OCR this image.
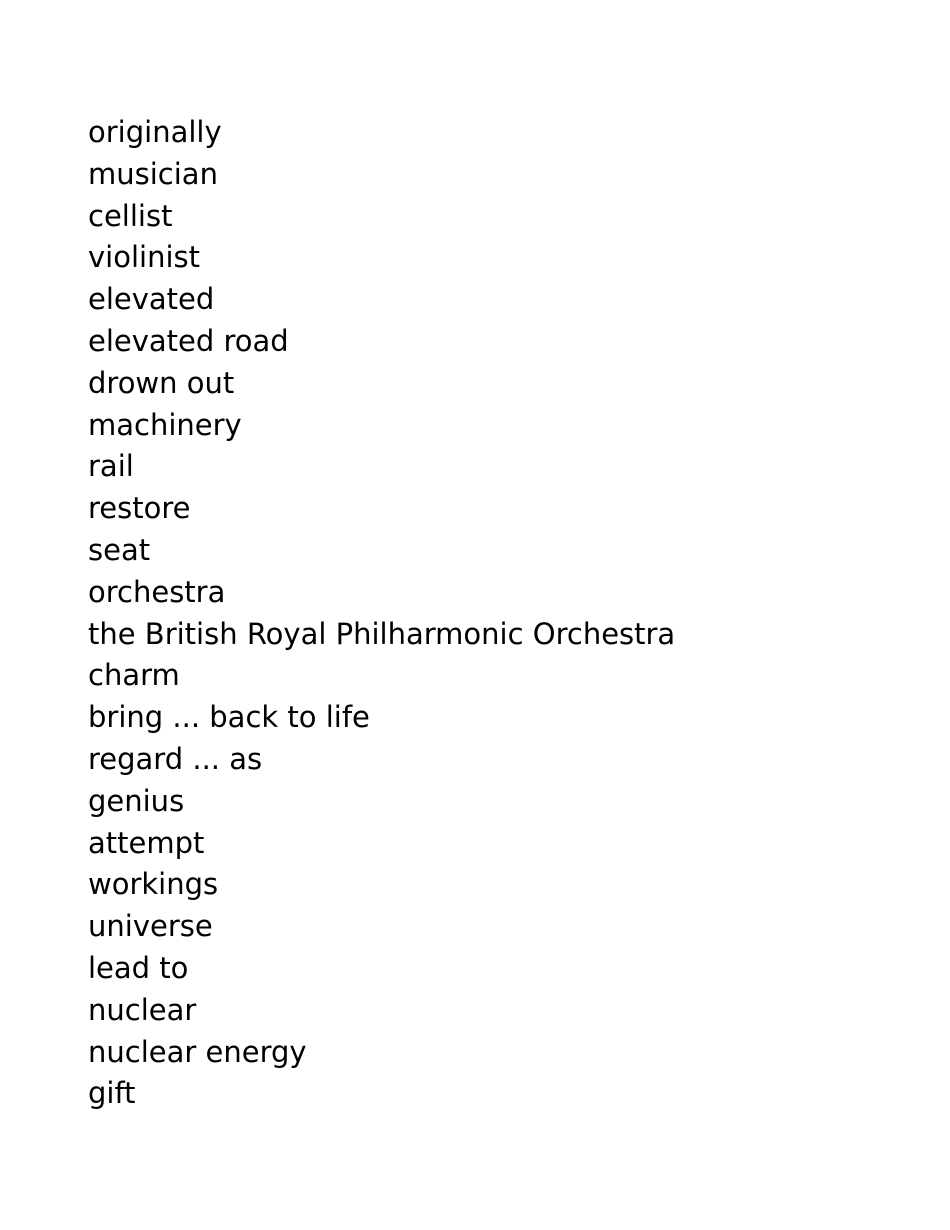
originally
musician
cellist
violinist
elevated
elevated road
drown out
machinery
rail
restore
seat
orchestra
the British Royal Philharmonic Orchestra
charm
bring ... back to life
regard ... as
genius
attempt
workings
universe
lead to
nuclear
nuclear energy
gift
